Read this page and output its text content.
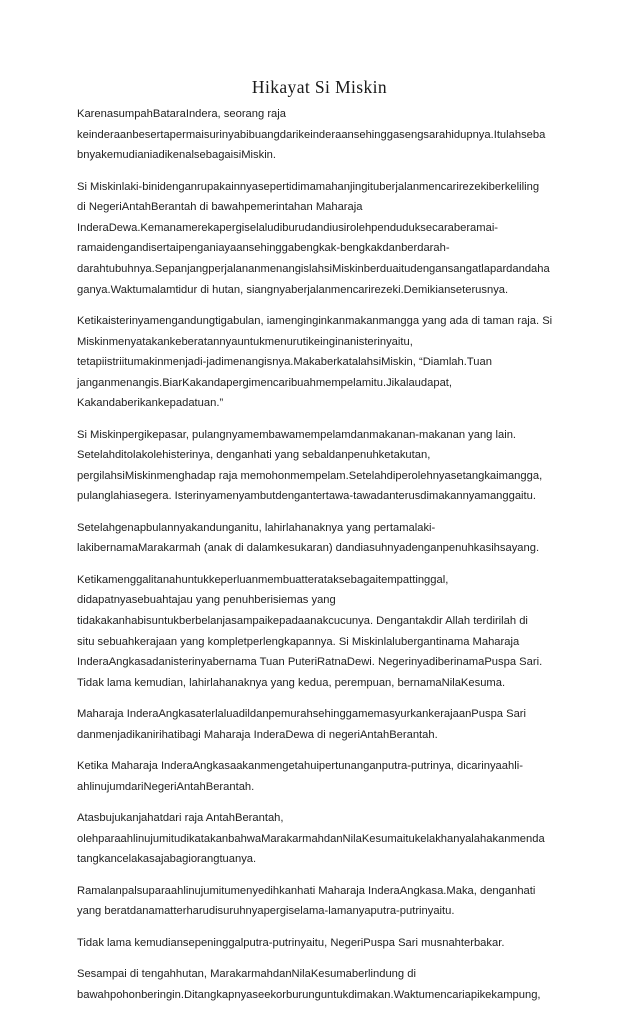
Hikayat Si Miskin

KarenasumpahBataraIndera, seorang raja
keinderaanbesertapermaisurinyabibuangdarikeinderaansehinggasengsarahidupnya.Itulahseba
bnyakemudianiadikenalsebagaisiMiskin.

Si Miskinlaki-binidenganrupakainnyasepertidimamahanjingituberjalanmencarirezekiberkeliling
di NegeriAntahBerantah di bawahpemerintahan Maharaja
InderaDewa.Kemanamerekapergiselaludiburudandiusirolehpenduduksecaraberamai-
ramaidengandisertaipenganiayaansehinggabengkak-bengkakdanberdarah-
darahtubuhnya.SepanjangperjalananmenangislahsiMiskinberduaitudengansangatlapardandaha
ganya.Waktumalamtidur di hutan, siangnyaberjalanmencarirezeki.Demikianseterusnya.

Ketikaisterinyamengandungtigabulan, iamenginginkanmakanmangga yang ada di taman raja. Si
Miskinmenyatakankeberatannyauntukmenurutikeinginanisterinyaitu,
tetapiistriitumakinmenjadi-jadimenangisnya.MakaberkatalahsiMiskin, “Diamlah.Tuan
janganmenangis.BiarKakandapergimencaribuahmempelamitu.Jikalaudapat,
Kakandaberikankepadatuan.”

Si Miskinpergikepasar, pulangnyamembawamempelamdanmakanan-makanan yang lain.
Setelahditolakolehisterinya, denganhati yang sebaldanpenuhketakutan,
pergilahsiMiskinmenghadap raja memohonmempelam.Setelahdiperolehnyasetangkaimangga,
pulanglahiasegera. Isterinyamenyambutdengantertawa-tawadanterusdimakannyamanggaitu.

Setelahgenapbulannyakandunganitu, lahirlahanaknya yang pertamalaki-
lakibernamaMarakarmah (anak di dalamkesukaran) dandiasuhnyadenganpenuhkasihsayang.

Ketikamenggalitanahuntukkeperluanmembuatterataksebagaitempattinggal,
didapatnyasebuahtajau yang penuhberisiemas yang
tidakakanhabisuntukberbelanjasampaikepadaanakcucunya. Dengantakdir Allah terdirilah di
situ sebuahkerajaan yang kompletperlengkapannya. Si Miskinlalubergantinama Maharaja
InderaAngkasadanisterinyabernama Tuan PuteriRatnaDewi. NegerinyadiberinamaPuspa Sari.
Tidak lama kemudian, lahirlahanaknya yang kedua, perempuan, bernamaNilaKesuma.

Maharaja InderaAngkasaterlaluadildanpemurahsehinggamemasyurkankerajaanPuspa Sari
danmenjadikanirihatibagi Maharaja InderaDewa di negeriAntahBerantah.

Ketika Maharaja InderaAngkasaakanmengetahuipertunanganputra-putrinya, dicarinyaahli-
ahlinujumdariNegeriAntahBerantah.

Atasbujukanjahatdari raja AntahBerantah,
olehparaahlinujumitudikatakanbahwaMarakarmahdanNilaKesumaitukelakhanyalahakanmenda
tangkancelakasajabagiorangtuanya.

Ramalanpalsuparaahlinujumitumenyedihkanhati Maharaja InderaAngkasa.Maka, denganhati
yang beratdanamatterharudisuruhnyapergiselama-lamanyaputra-putrinyaitu.

Tidak lama kemudiansepeninggalputra-putrinyaitu, NegeriPuspa Sari musnahterbakar.

Sesampai di tengahhutan, MarakarmahdanNilaKesumaberlindung di
bawahpohonberingin.Ditangkapnyaseekorburunguntukdimakan.Waktumencariapikekampung,
